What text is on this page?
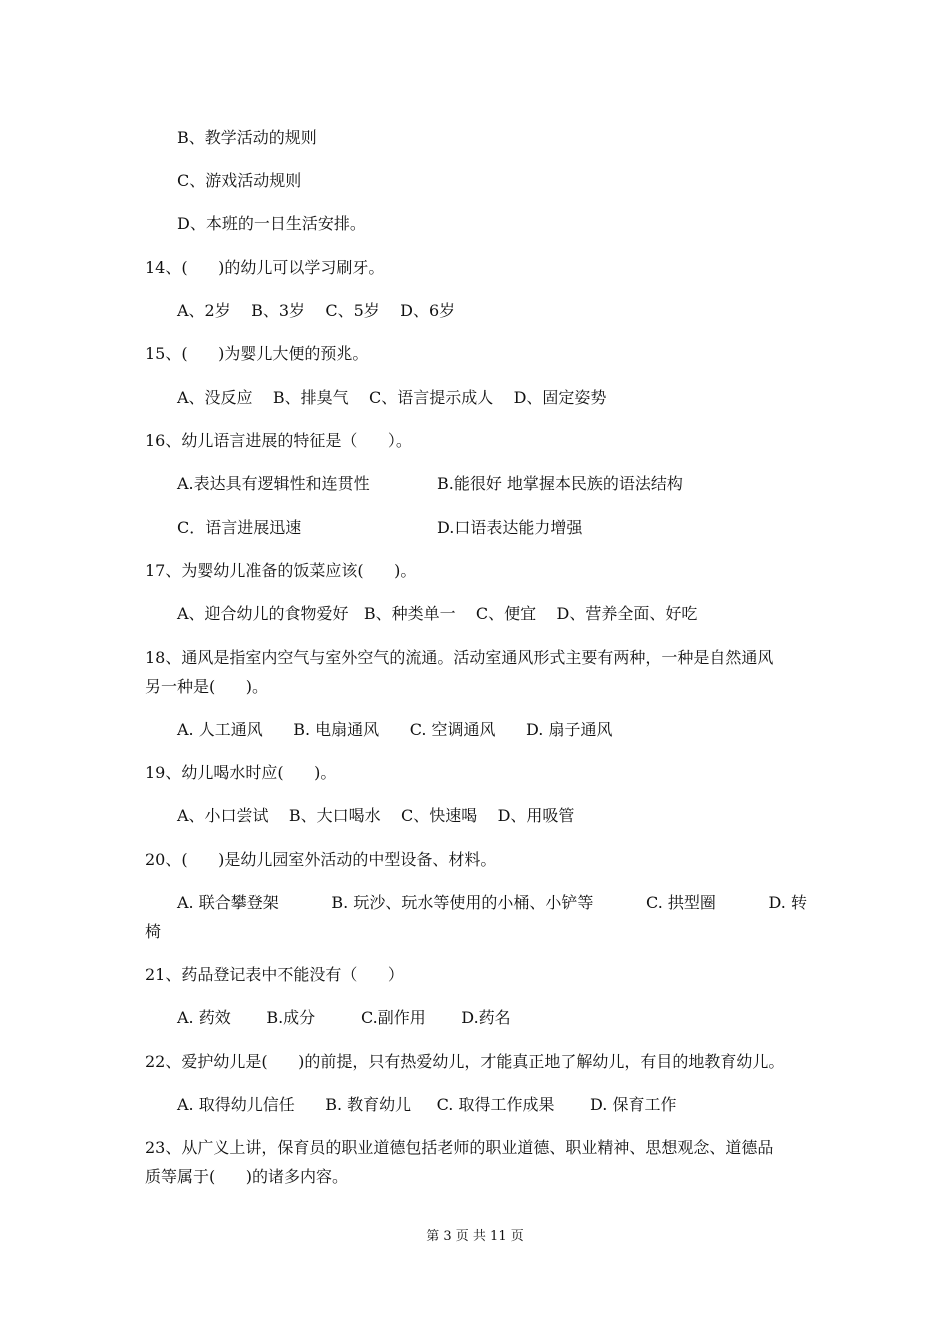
B、教学活动的规则
C、游戏活动规则
D、本班的一日生活安排。
14、(      )的幼儿可以学习刷牙。
A、2岁    B、3岁    C、5岁    D、6岁
15、(      )为婴儿大便的预兆。
A、没反应    B、排臭气    C、语言提示成人    D、固定姿势
16、幼儿语言进展的特征是（      ）。
A.表达具有逻辑性和连贯性	B.能很好 地掌握本民族的语法结构
C．语言进展迅速	D.口语表达能力增强
17、为婴幼儿准备的饭菜应该(      )。
A、迎合幼儿的食物爱好   B、种类单一    C、便宜    D、营养全面、好吃
18、通风是指室内空气与室外空气的流通。活动室通风形式主要有两种，一种是自然通风
另一种是(      )。
A. 人工通风      B. 电扇通风      C. 空调通风      D. 扇子通风
19、幼儿喝水时应(      )。
A、小口尝试    B、大口喝水    C、快速喝    D、用吸管
20、(      )是幼儿园室外活动的中型设备、材料。
A. 联合攀登架	B. 玩沙、玩水等使用的小桶、小铲等	C. 拱型圈	D. 转
椅
21、药品登记表中不能没有（      ）
A. 药效       B.成分         C.副作用       D.药名
22、爱护幼儿是(      )的前提，只有热爱幼儿，才能真正地了解幼儿，有目的地教育幼儿。
A. 取得幼儿信任      B. 教育幼儿     C. 取得工作成果       D. 保育工作
23、从广义上讲，保育员的职业道德包括老师的职业道德、职业精神、思想观念、道德品
质等属于(      )的诸多内容。
第 3 页 共 11 页
